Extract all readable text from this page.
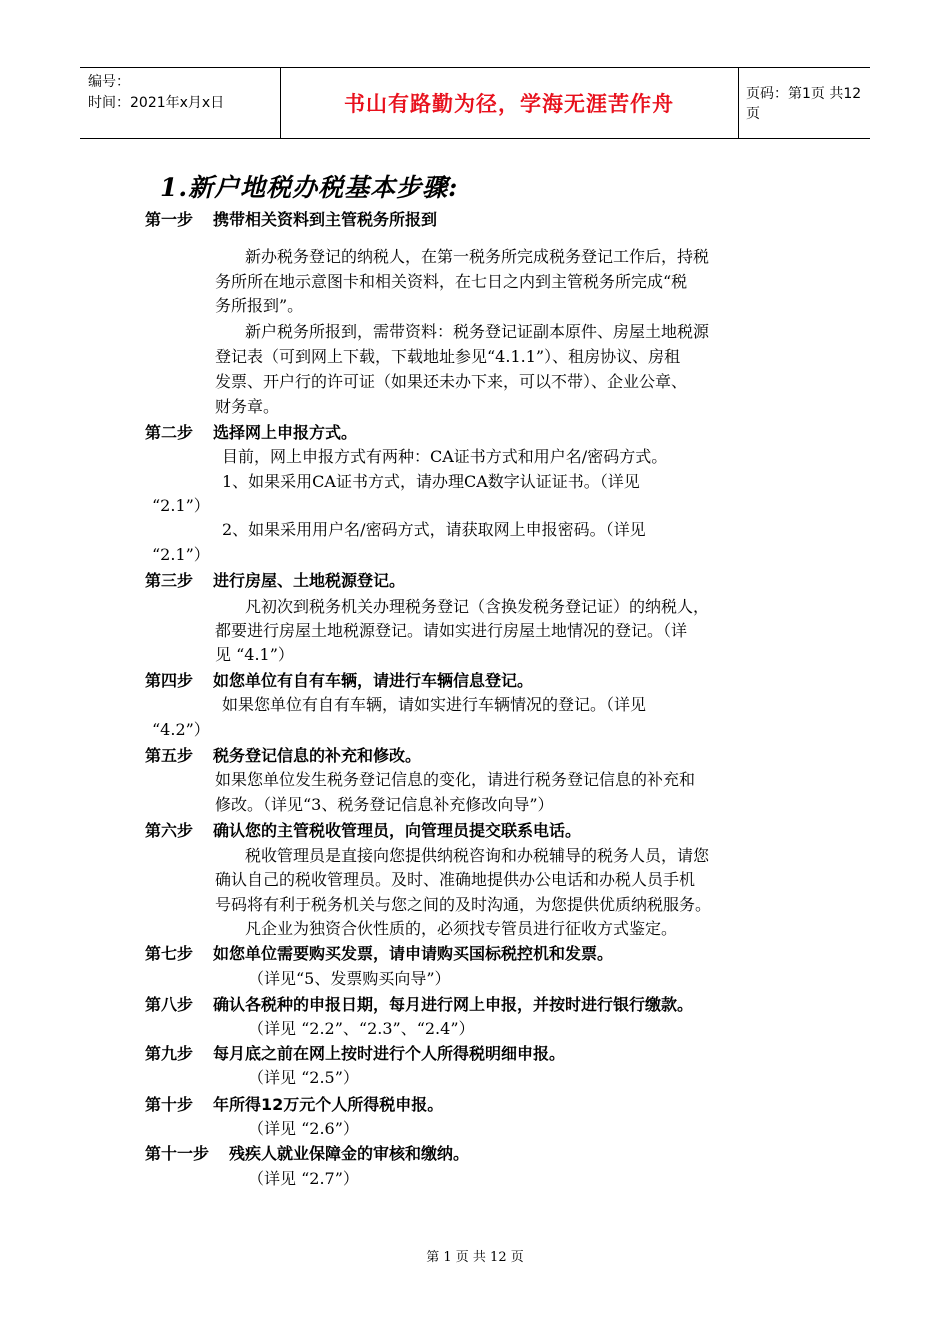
编号：
时间：2021年x月x日	书山有路勤为径，学海无涯苦作舟	页码：第1页 共12页
1.新户地税办税基本步骤:
第一步 携带相关资料到主管税务所报到
新办税务登记的纳税人，在第一税务所完成税务登记工作后，持税
务所所在地示意图卡和相关资料，在七日之内到主管税务所完成“税
务所报到”。
新户税务所报到，需带资料：税务登记证副本原件、房屋土地税源
登记表（可到网上下载，下载地址参见“4.1.1”）、租房协议、房租
发票、开户行的许可证（如果还未办下来，可以不带）、企业公章、
财务章。
第二步 选择网上申报方式。
目前，网上申报方式有两种：CA证书方式和用户名/密码方式。
1、如果采用CA证书方式，请办理CA数字认证证书。（详见
“2.1”）
2、如果采用用户名/密码方式，请获取网上申报密码。（详见
“2.1”）
第三步 进行房屋、土地税源登记。
凡初次到税务机关办理税务登记（含换发税务登记证）的纳税人，
都要进行房屋土地税源登记。请如实进行房屋土地情况的登记。（详
见 “4.1”）
第四步 如您单位有自有车辆，请进行车辆信息登记。
如果您单位有自有车辆，请如实进行车辆情况的登记。（详见
“4.2”）
第五步 税务登记信息的补充和修改。
如果您单位发生税务登记信息的变化，请进行税务登记信息的补充和
修改。（详见“3、税务登记信息补充修改向导”）
第六步 确认您的主管税收管理员，向管理员提交联系电话。
税收管理员是直接向您提供纳税咨询和办税辅导的税务人员，请您
确认自己的税收管理员。及时、准确地提供办公电话和办税人员手机
号码将有利于税务机关与您之间的及时沟通，为您提供优质纳税服务。
凡企业为独资合伙性质的，必须找专管员进行征收方式鉴定。
第七步 如您单位需要购买发票，请申请购买国标税控机和发票。
（详见“5、发票购买向导”）
第八步 确认各税种的申报日期，每月进行网上申报，并按时进行银行缴款。
（详见 “2.2”、“2.3”、“2.4”）
第九步 每月底之前在网上按时进行个人所得税明细申报。
（详见 “2.5”）
第十步 年所得12万元个人所得税申报。
（详见 “2.6”）
第十一步 残疾人就业保障金的审核和缴纳。
（详见 “2.7”）
第 1 页 共 12 页
